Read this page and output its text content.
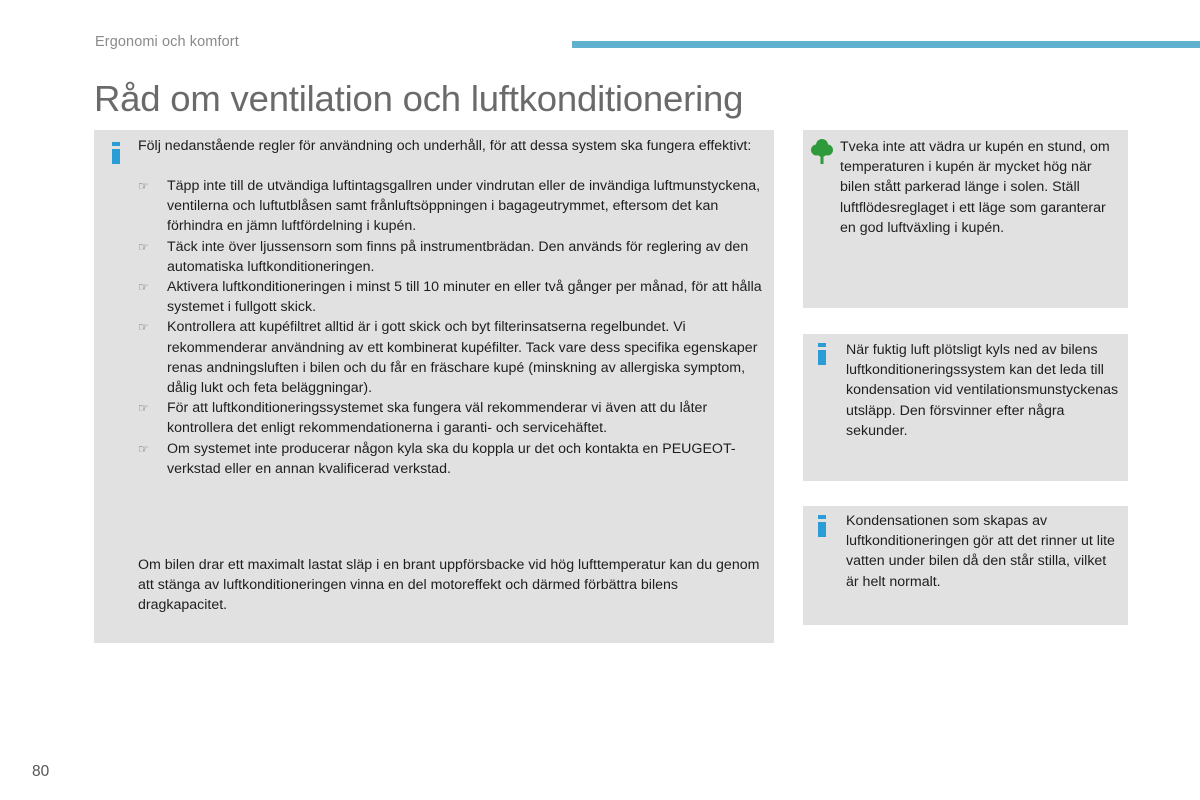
Ergonomi och komfort
Råd om ventilation och luftkonditionering
Följ nedanstående regler för användning och underhåll, för att dessa system ska fungera effektivt:
☞ Täpp inte till de utvändiga luftintagsgallren under vindrutan eller de invändiga luftmunstyckena, ventilerna och luftutblåsen samt frånluftsöppningen i bagageutrymmet, eftersom det kan förhindra en jämn luftfördelning i kupén.
☞ Täck inte över ljussensorn som finns på instrumentbrädan. Den används för reglering av den automatiska luftkonditioneringen.
☞ Aktivera luftkonditioneringen i minst 5 till 10 minuter en eller två gånger per månad, för att hålla systemet i fullgott skick.
☞ Kontrollera att kupéfiltret alltid är i gott skick och byt filterinsatserna regelbundet. Vi rekommenderar användning av ett kombinerat kupéfilter. Tack vare dess specifika egenskaper renas andningsluften i bilen och du får en fräschare kupé (minskning av allergiska symptom, dålig lukt och feta beläggningar).
☞ För att luftkonditioneringssystemet ska fungera väl rekommenderar vi även att du låter kontrollera det enligt rekommendationerna i garanti- och servicehäftet.
☞ Om systemet inte producerar någon kyla ska du koppla ur det och kontakta en PEUGEOT-verkstad eller en annan kvalificerad verkstad.
Om bilen drar ett maximalt lastat släp i en brant uppförsbacke vid hög lufttemperatur kan du genom att stänga av luftkonditioneringen vinna en del motoreffekt och därmed förbättra bilens dragkapacitet.
Tveka inte att vädra ur kupén en stund, om temperaturen i kupén är mycket hög när bilen stått parkerad länge i solen. Ställ luftflödesreglaget i ett läge som garanterar en god luftväxling i kupén.
När fuktig luft plötsligt kyls ned av bilens luftkonditioneringssystem kan det leda till kondensation vid ventilationsmunstyckenas utsläpp. Den försvinner efter några sekunder.
Kondensationen som skapas av luftkonditioneringen gör att det rinner ut lite vatten under bilen då den står stilla, vilket är helt normalt.
80
